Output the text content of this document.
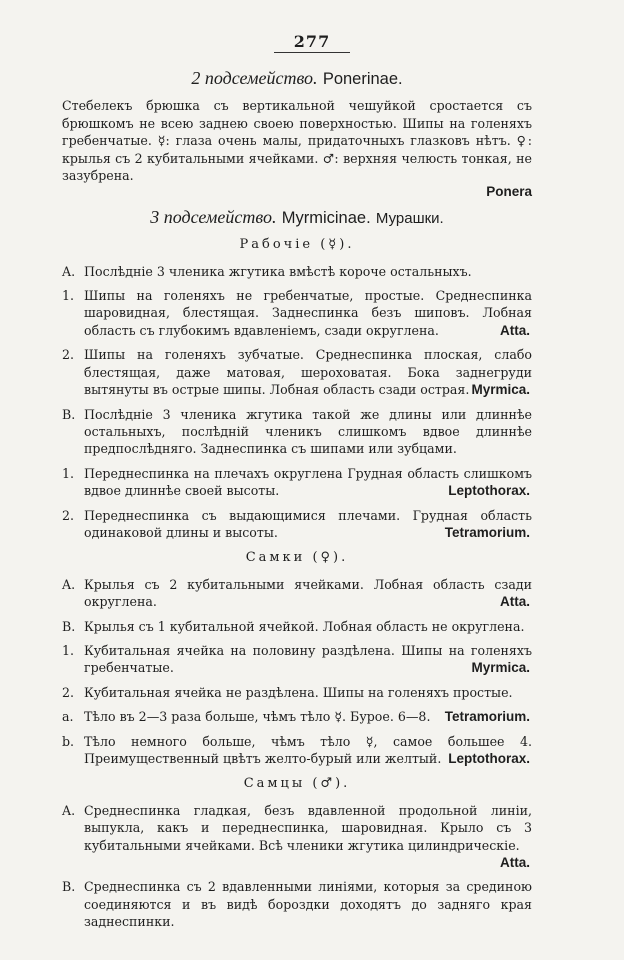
277
2 подсемейство. Ponerinae.

Стебелекъ брюшка съ вертикальной чешуйкой сростается съ брюшкомъ не всею заднею своею поверхностью. Шипы на голеняхъ гребенчатые. ☿: глаза очень малы, придаточныхъ глазковъ нѣтъ. ♀: крылья съ 2 кубитальными ячейками. ♂: верхняя челюсть тонкая, не зазубрена.

Ponera
3 подсемейство. Myrmicinae. Мурашки.
Рабочіе (☿).
A. Послѣдніе 3 членика жгутика вмѣстѣ короче остальныхъ.
1. Шипы на голеняхъ не гребенчатые, простые. Среднеспинка шаровидная, блестящая. Заднеспинка безъ шиповъ. Лобная область съ глубокимъ вдавленіемъ, сзади округлена.	Atta.
2. Шипы на голеняхъ зубчатые. Среднеспинка плоская, слабо блестящая, даже матовая, шероховатая. Бока заднегруди вытянуты въ острые шипы. Лобная область сзади острая. Myrmica.
B. Послѣдніе 3 членика жгутика такой же длины или длиннѣе остальныхъ, послѣдній членикъ слишкомъ вдвое длиннѣе предпослѣдняго. Заднеспинка съ шипами или зубцами.
1. Переднеспинка на плечахъ округлена Грудная область слишкомъ вдвое длиннѣе своей высоты.	Leptothorax.
2. Переднеспинка съ выдающимися плечами. Грудная область одинаковой длины и высоты.	Tetramorium.
Самки (♀).
A. Крылья съ 2 кубитальными ячейками. Лобная область сзади округлена.	Atta.
B. Крылья съ 1 кубитальной ячейкой. Лобная область не округлена.
1. Кубитальная ячейка на половину раздѣлена. Шипы на голеняхъ гребенчатые.	Myrmica.
2. Кубитальная ячейка не раздѣлена. Шипы на голеняхъ простые.
a. Тѣло въ 2—3 раза больше, чѣмъ тѣло ☿. Бурое. 6—8. Tetramorium.
b. Тѣло немного больше, чѣмъ тѣло ☿, самое большее 4. Преимущественный цвѣтъ желто-бурый или желтый. Leptothorax.
Самцы (♂).
A. Среднеспинка гладкая, безъ вдавленной продольной линіи, выпукла, какъ и переднеспинка, шаровидная. Крыло съ 3 кубитальными ячейками. Всѣ членики жгутика цилиндрическіе.
Atta.
B. Среднеспинка съ 2 вдавленными линіями, которыя за срединою соединяются и въ видѣ бороздки доходятъ до задняго края заднеспинки.
